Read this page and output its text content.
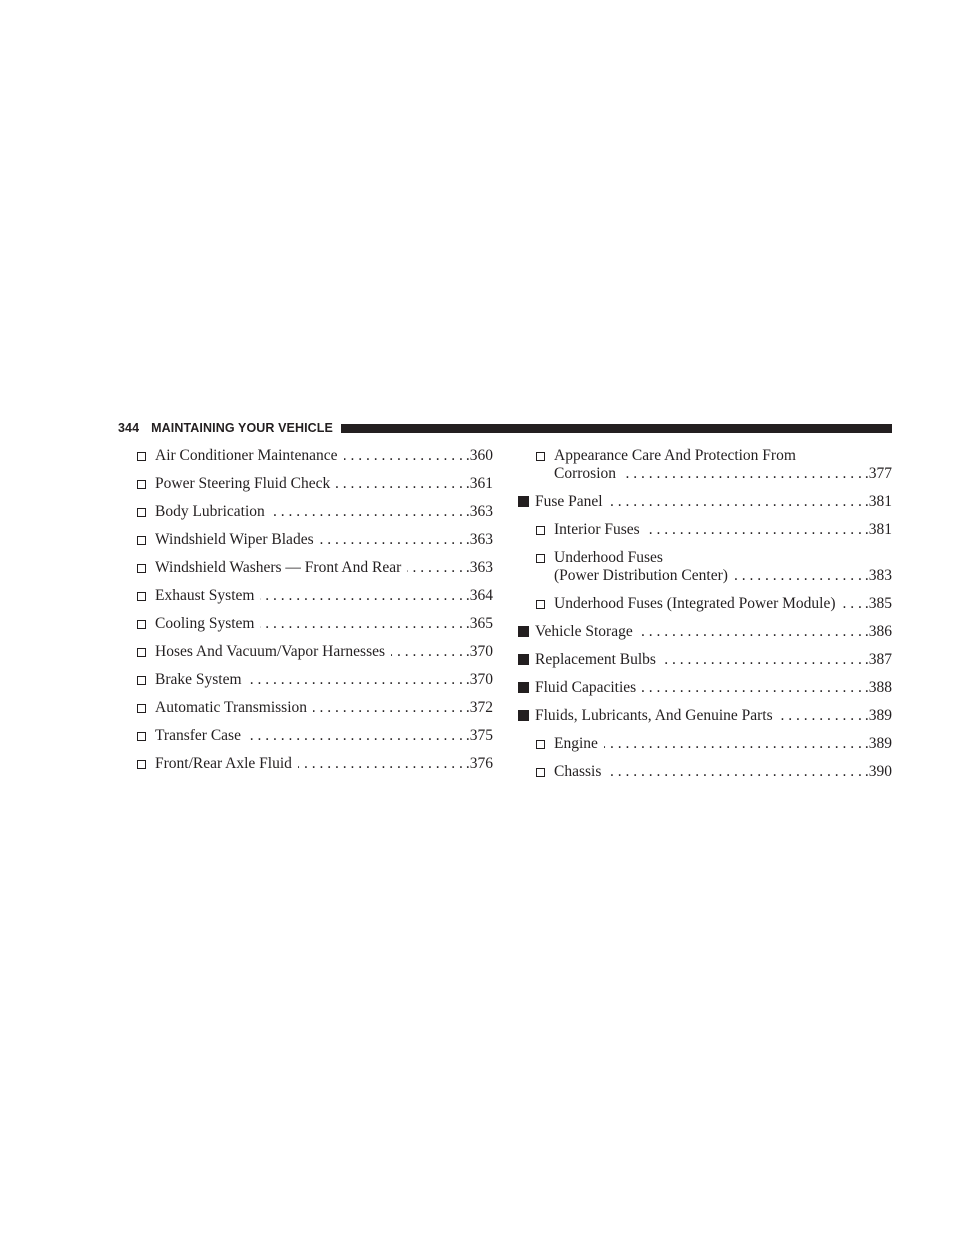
344 MAINTAINING YOUR VEHICLE
Air Conditioner Maintenance . . .	.360
Power Steering Fluid Check . . .	.361
Body Lubrication . . .	.363
Windshield Wiper Blades . . .	.363
Windshield Washers — Front And Rear . . .	.363
Exhaust System . . .	.364
Cooling System . . .	.365
Hoses And Vacuum/Vapor Harnesses . . .	.370
Brake System . . .	.370
Automatic Transmission . . .	.372
Transfer Case . . .	.375
Front/Rear Axle Fluid . . .	.376
Appearance Care And Protection From
Corrosion . . .	.377
Fuse Panel . . .	.381
Interior Fuses . . .	.381
Underhood Fuses
(Power Distribution Center) . . .	.383
Underhood Fuses (Integrated Power Module) . . . .385
Vehicle Storage . . .	.386
Replacement Bulbs . . .	.387
Fluid Capacities . . .	.388
Fluids, Lubricants, And Genuine Parts . . .	.389
Engine . . .	.389
Chassis . . .	.390
